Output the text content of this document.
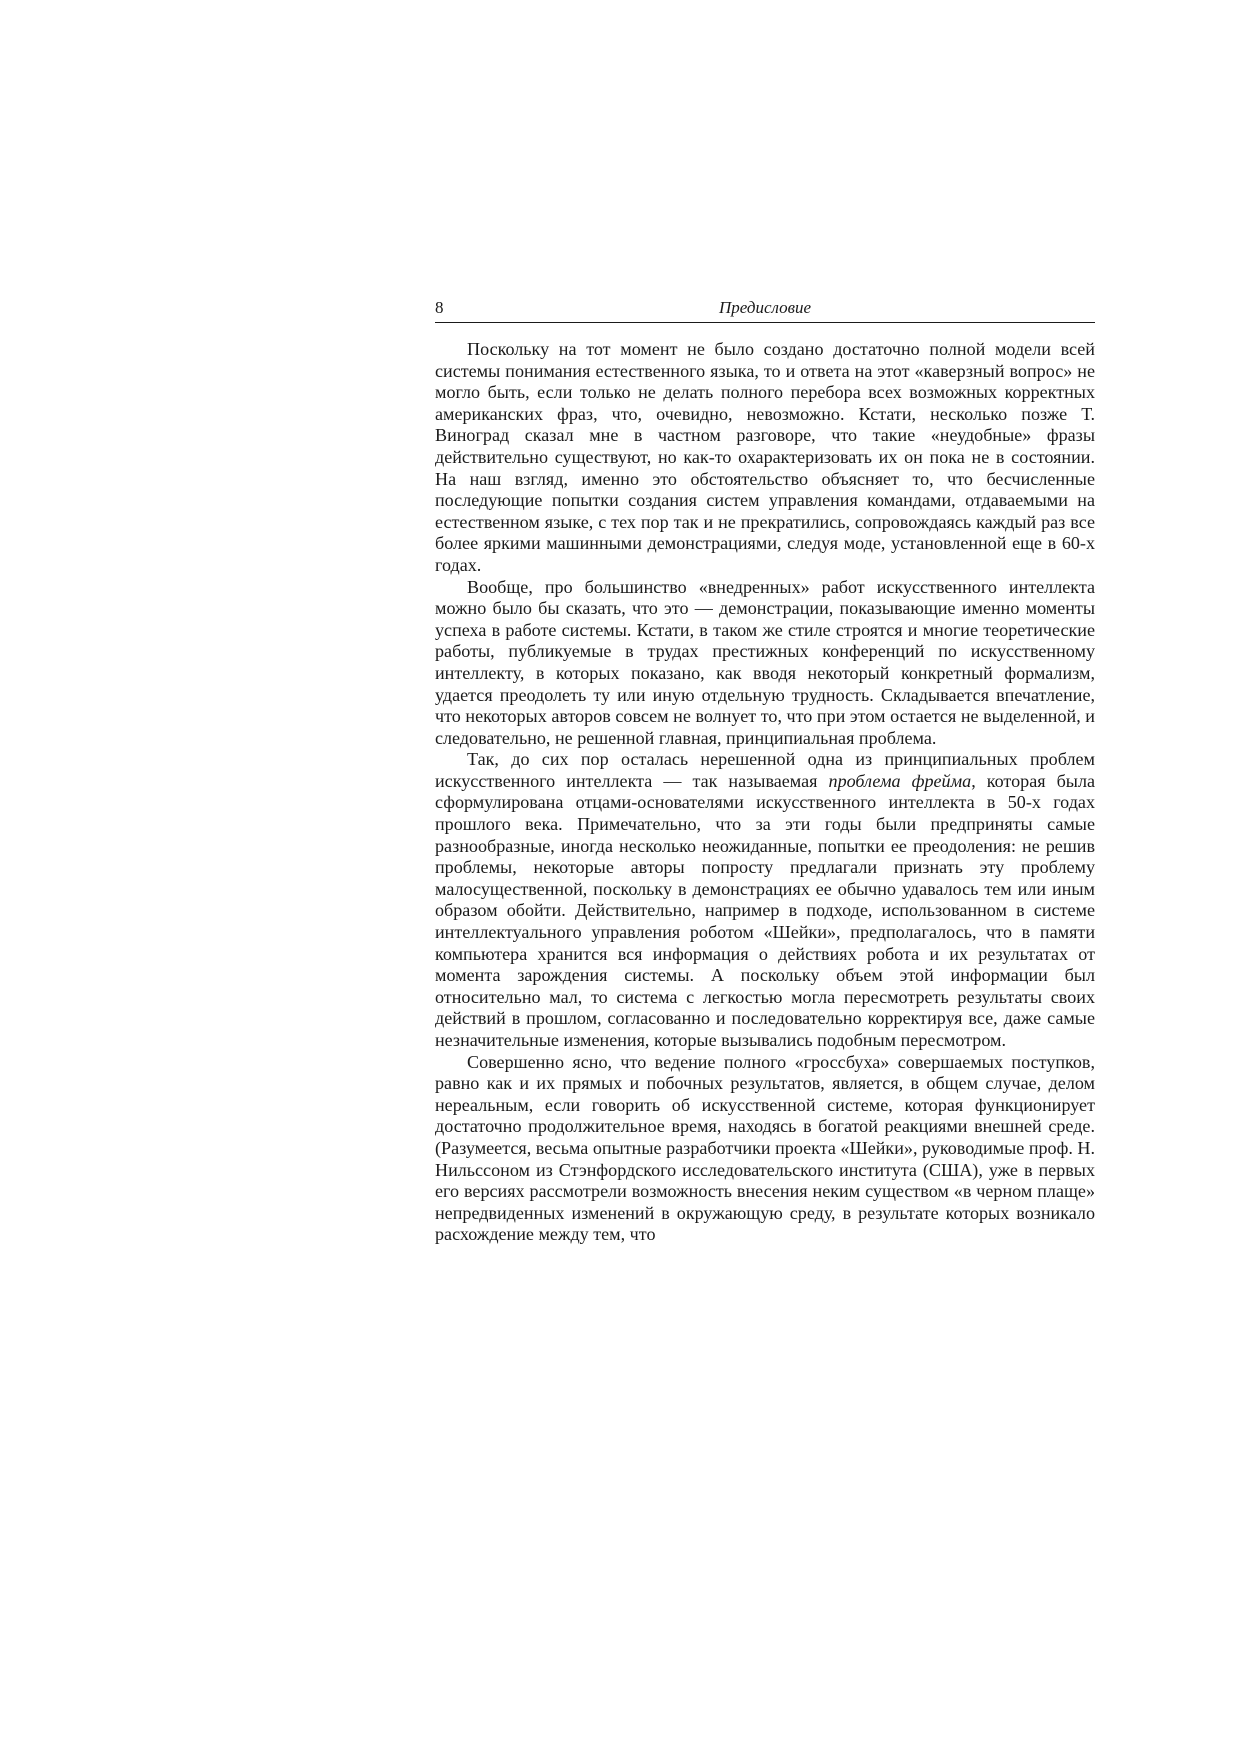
8	Предисловие

Поскольку на тот момент не было создано достаточно полной модели всей системы понимания естественного языка, то и ответа на этот «каверзный вопрос» не могло быть, если только не делать полного перебора всех возможных корректных американских фраз, что, очевидно, невозможно. Кстати, несколько позже Т. Виноград сказал мне в частном разговоре, что такие «неудобные» фразы действительно существуют, но как-то охарактеризовать их он пока не в состоянии. На наш взгляд, именно это обстоятельство объясняет то, что бесчисленные последующие попытки создания систем управления командами, отдаваемыми на естественном языке, с тех пор так и не прекратились, сопровождаясь каждый раз все более яркими машинными демонстрациями, следуя моде, установленной еще в 60-х годах.

Вообще, про большинство «внедренных» работ искусственного интеллекта можно было бы сказать, что это — демонстрации, показывающие именно моменты успеха в работе системы. Кстати, в таком же стиле строятся и многие теоретические работы, публикуемые в трудах престижных конференций по искусственному интеллекту, в которых показано, как вводя некоторый конкретный формализм, удается преодолеть ту или иную отдельную трудность. Складывается впечатление, что некоторых авторов совсем не волнует то, что при этом остается не выделенной, и следовательно, не решенной главная, принципиальная проблема.

Так, до сих пор осталась нерешенной одна из принципиальных проблем искусственного интеллекта — так называемая проблема фрейма, которая была сформулирована отцами-основателями искусственного интеллекта в 50-х годах прошлого века. Примечательно, что за эти годы были предприняты самые разнообразные, иногда несколько неожиданные, попытки ее преодоления: не решив проблемы, некоторые авторы попросту предлагали признать эту проблему малосущественной, поскольку в демонстрациях ее обычно удавалось тем или иным образом обойти. Действительно, например в подходе, использованном в системе интеллектуального управления роботом «Шейки», предполагалось, что в памяти компьютера хранится вся информация о действиях робота и их результатах от момента зарождения системы. А поскольку объем этой информации был относительно мал, то система с легкостью могла пересмотреть результаты своих действий в прошлом, согласованно и последовательно корректируя все, даже самые незначительные изменения, которые вызывались подобным пересмотром.

Совершенно ясно, что ведение полного «гроссбуха» совершаемых поступков, равно как и их прямых и побочных результатов, является, в общем случае, делом нереальным, если говорить об искусственной системе, которая функционирует достаточно продолжительное время, находясь в богатой реакциями внешней среде. (Разумеется, весьма опытные разработчики проекта «Шейки», руководимые проф. Н. Нильссоном из Стэнфордского исследовательского института (США), уже в первых его версиях рассмотрели возможность внесения неким существом «в черном плаще» непредвиденных изменений в окружающую среду, в результате которых возникало расхождение между тем, что
